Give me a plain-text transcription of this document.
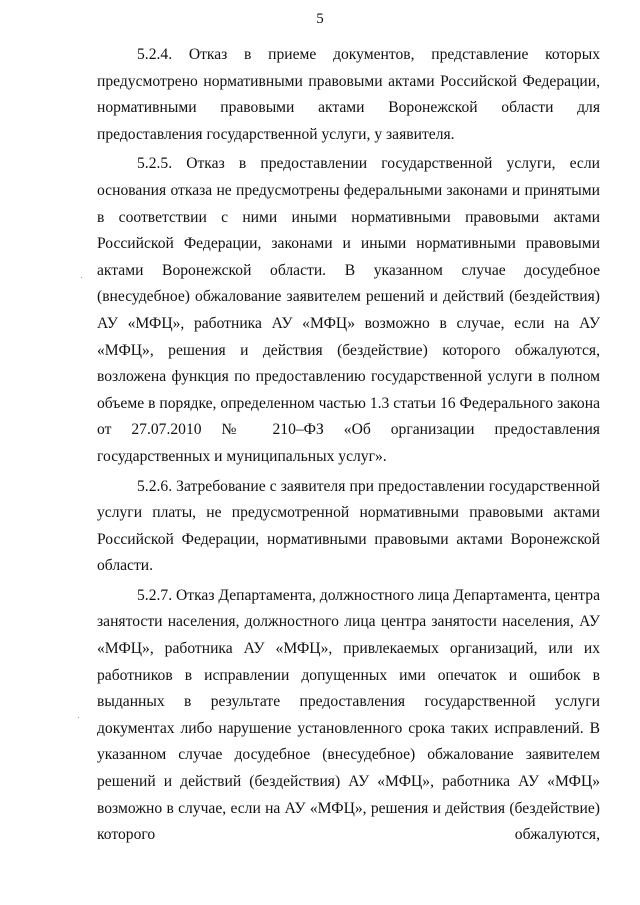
5

5.2.4. Отказ в приеме документов, представление которых предусмотрено нормативными правовыми актами Российской Федерации, нормативными правовыми актами Воронежской области для предоставления государственной услуги, у заявителя.

5.2.5. Отказ в предоставлении государственной услуги, если основания отказа не предусмотрены федеральными законами и принятыми в соответствии с ними иными нормативными правовыми актами Российской Федерации, законами и иными нормативными правовыми актами Воронежской области. В указанном случае досудебное (внесудебное) обжалование заявителем решений и действий (бездействия) АУ «МФЦ», работника АУ «МФЦ» возможно в случае, если на АУ «МФЦ», решения и действия (бездействие) которого обжалуются, возложена функция по предоставлению государственной услуги в полном объеме в порядке, определенном частью 1.3 статьи 16 Федерального закона от 27.07.2010 № 210–ФЗ «Об организации предоставления государственных и муниципальных услуг».

5.2.6. Затребование с заявителя при предоставлении государственной услуги платы, не предусмотренной нормативными правовыми актами Российской Федерации, нормативными правовыми актами Воронежской области.

5.2.7. Отказ Департамента, должностного лица Департамента, центра занятости населения, должностного лица центра занятости населения, АУ «МФЦ», работника АУ «МФЦ», привлекаемых организаций, или их работников в исправлении допущенных ими опечаток и ошибок в выданных в результате предоставления государственной услуги документах либо нарушение установленного срока таких исправлений. В указанном случае досудебное (внесудебное) обжалование заявителем решений и действий (бездействия) АУ «МФЦ», работника АУ «МФЦ» возможно в случае, если на АУ «МФЦ», решения и действия (бездействие) которого обжалуются,
